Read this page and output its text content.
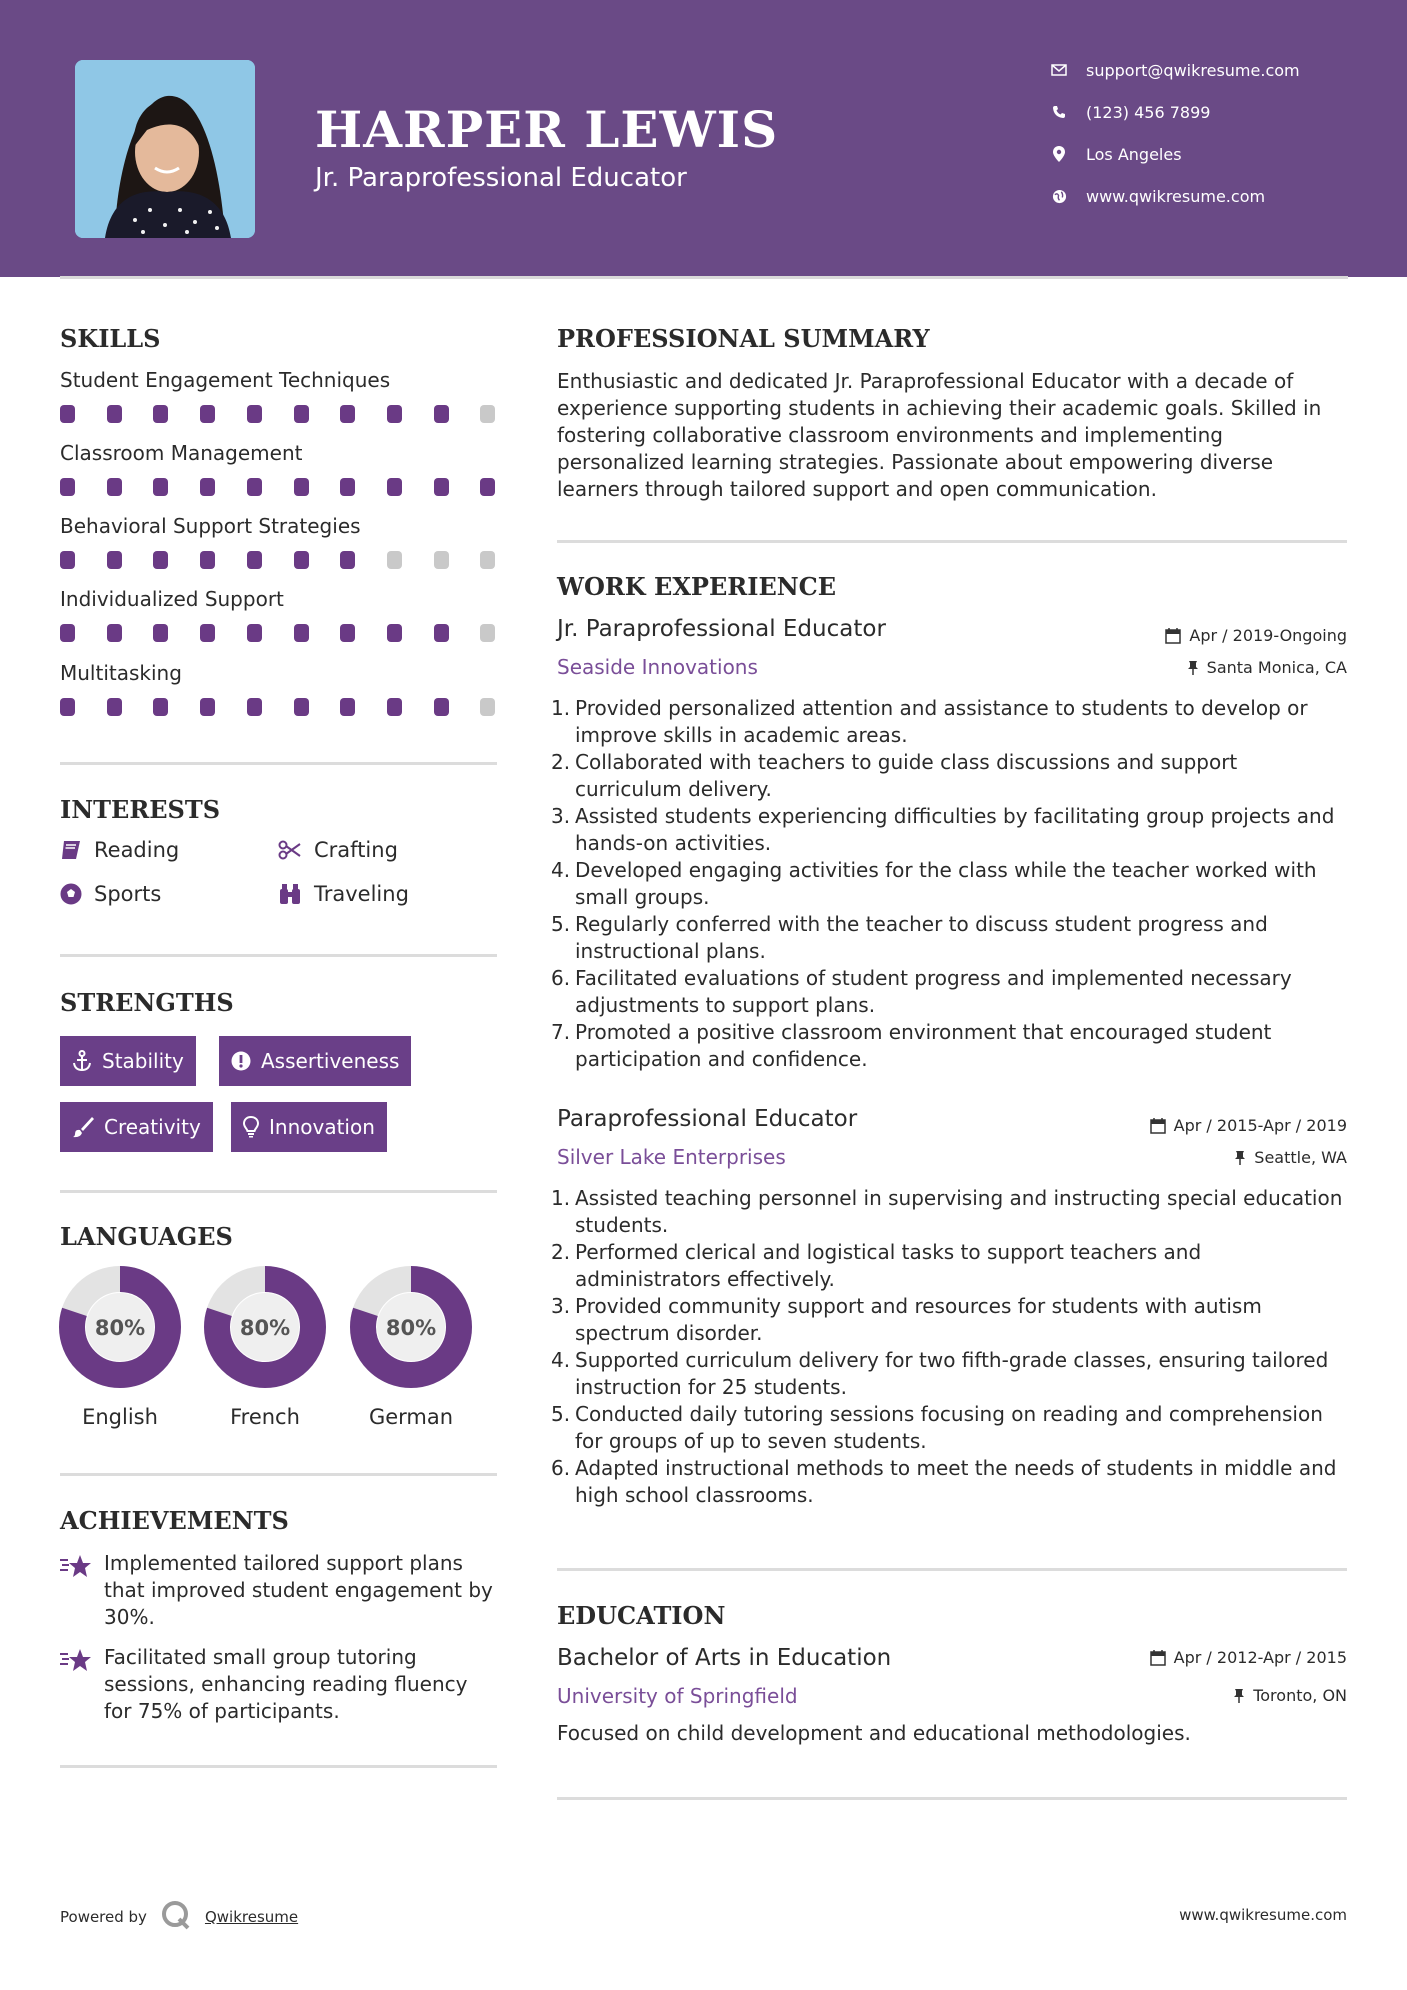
HARPER LEWIS
Jr. Paraprofessional Educator
support@qwikresume.com
(123) 456 7899
Los Angeles
www.qwikresume.com
SKILLS
Student Engagement Techniques
Classroom Management
Behavioral Support Strategies
Individualized Support
Multitasking
INTERESTS
Reading	Crafting
Sports	Traveling
STRENGTHS
Stability	Assertiveness
Creativity	Innovation
LANGUAGES
80%
English
80%
French
80%
German
ACHIEVEMENTS
Implemented tailored support plans that improved student engagement by 30%.
Facilitated small group tutoring sessions, enhancing reading fluency for 75% of participants.
PROFESSIONAL SUMMARY
Enthusiastic and dedicated Jr. Paraprofessional Educator with a decade of experience supporting students in achieving their academic goals. Skilled in fostering collaborative classroom environments and implementing personalized learning strategies. Passionate about empowering diverse learners through tailored support and open communication.
WORK EXPERIENCE
Jr. Paraprofessional Educator	Apr / 2019-Ongoing
Seaside Innovations	Santa Monica, CA
1. Provided personalized attention and assistance to students to develop or improve skills in academic areas.
2. Collaborated with teachers to guide class discussions and support curriculum delivery.
3. Assisted students experiencing difficulties by facilitating group projects and hands-on activities.
4. Developed engaging activities for the class while the teacher worked with small groups.
5. Regularly conferred with the teacher to discuss student progress and instructional plans.
6. Facilitated evaluations of student progress and implemented necessary adjustments to support plans.
7. Promoted a positive classroom environment that encouraged student participation and confidence.
Paraprofessional Educator	Apr / 2015-Apr / 2019
Silver Lake Enterprises	Seattle, WA
1. Assisted teaching personnel in supervising and instructing special education students.
2. Performed clerical and logistical tasks to support teachers and administrators effectively.
3. Provided community support and resources for students with autism spectrum disorder.
4. Supported curriculum delivery for two fifth-grade classes, ensuring tailored instruction for 25 students.
5. Conducted daily tutoring sessions focusing on reading and comprehension for groups of up to seven students.
6. Adapted instructional methods to meet the needs of students in middle and high school classrooms.
EDUCATION
Bachelor of Arts in Education	Apr / 2012-Apr / 2015
University of Springfield	Toronto, ON
Focused on child development and educational methodologies.
Powered by	Qwikresume	www.qwikresume.com
